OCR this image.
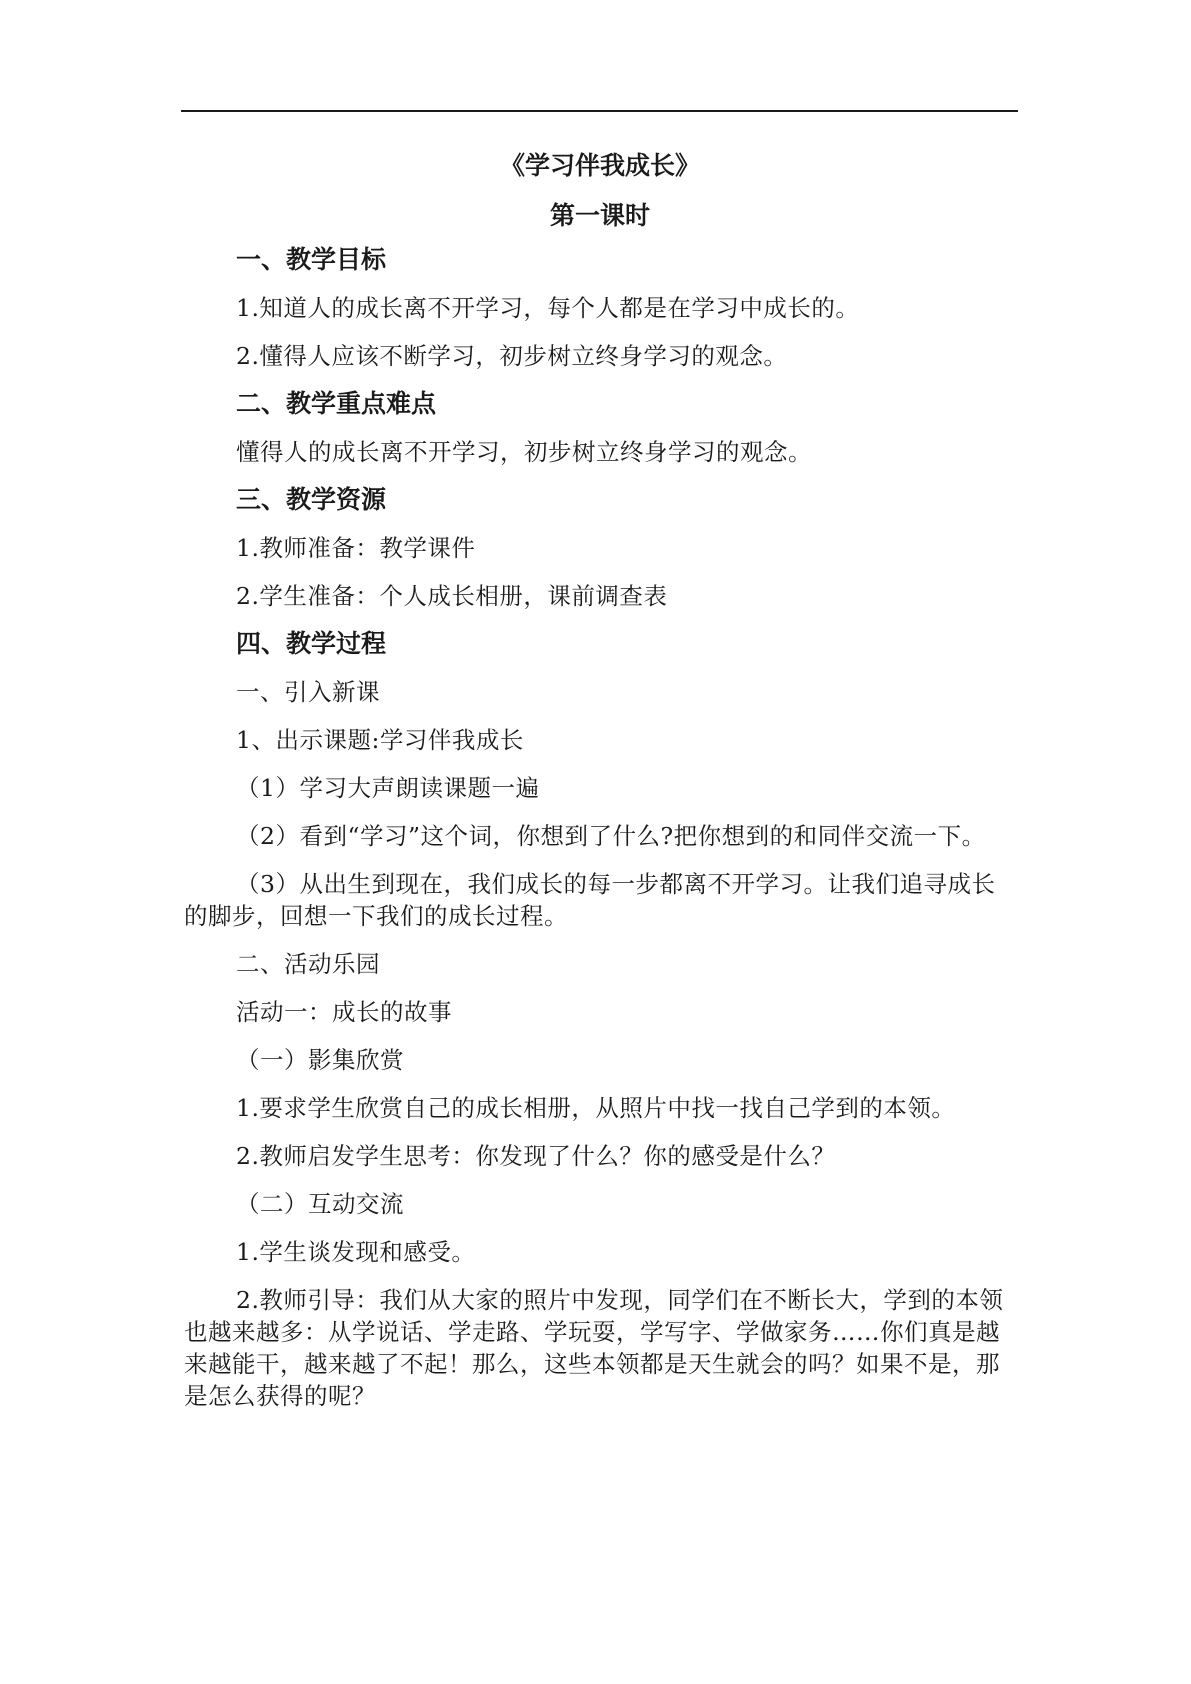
《学习伴我成长》
第一课时
一、教学目标

1.知道人的成长离不开学习，每个人都是在学习中成长的。

2.懂得人应该不断学习，初步树立终身学习的观念。

二、教学重点难点

懂得人的成长离不开学习，初步树立终身学习的观念。

三、教学资源

1.教师准备：教学课件

2.学生准备：个人成长相册，课前调查表

四、教学过程

一、引入新课

1、出示课题:学习伴我成长

（1）学习大声朗读课题一遍

（2）看到“学习”这个词，你想到了什么?把你想到的和同伴交流一下。

（3）从出生到现在，我们成长的每一步都离不开学习。让我们追寻成长的脚步，回想一下我们的成长过程。

二、活动乐园

活动一：成长的故事

（一）影集欣赏

1.要求学生欣赏自己的成长相册，从照片中找一找自己学到的本领。

2.教师启发学生思考：你发现了什么？你的感受是什么？

（二）互动交流

1.学生谈发现和感受。

2.教师引导：我们从大家的照片中发现，同学们在不断长大，学到的本领也越来越多：从学说话、学走路、学玩耍，学写字、学做家务……你们真是越来越能干，越来越了不起！那么，这些本领都是天生就会的吗？如果不是，那是怎么获得的呢？
